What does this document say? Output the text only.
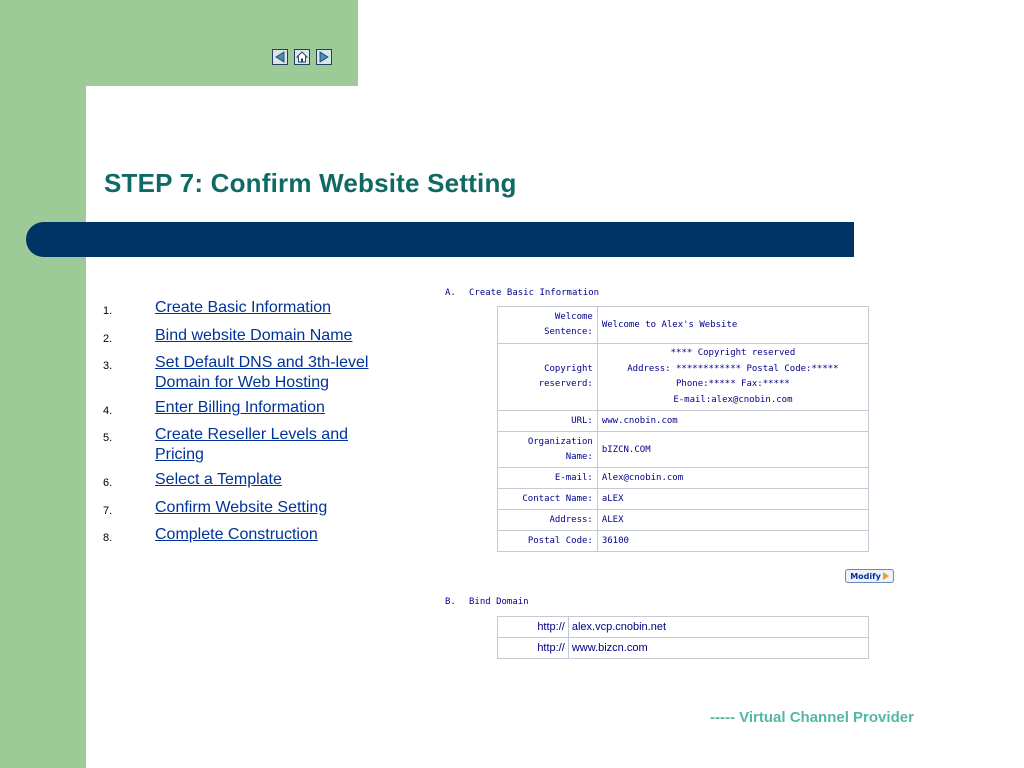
STEP 7: Confirm Website Setting
1.	Create Basic Information
2.	Bind website Domain Name
3.	Set Default DNS and 3th-level Domain for Web Hosting
4.	Enter Billing Information
5.	Create Reseller Levels and Pricing
6.	Select a Template
7.	Confirm Website Setting
8.	Complete Construction
A. Create Basic Information
Welcome Sentence:	Welcome to Alex's Website
Copyright reserverd:	**** Copyright reserved
Address: ************ Postal Code:*****
Phone:***** Fax:*****
E-mail:alex@cnobin.com

URL:	www.cnobin.com
Organization Name:	bIZCN.COM
E-mail:	Alex@cnobin.com
Contact Name:	aLEX
Address:	ALEX
Postal Code:	36100
Modify
B. Bind Domain
http://	alex.vcp.cnobin.net
http://	www.bizcn.com
----- Virtual Channel Provider
